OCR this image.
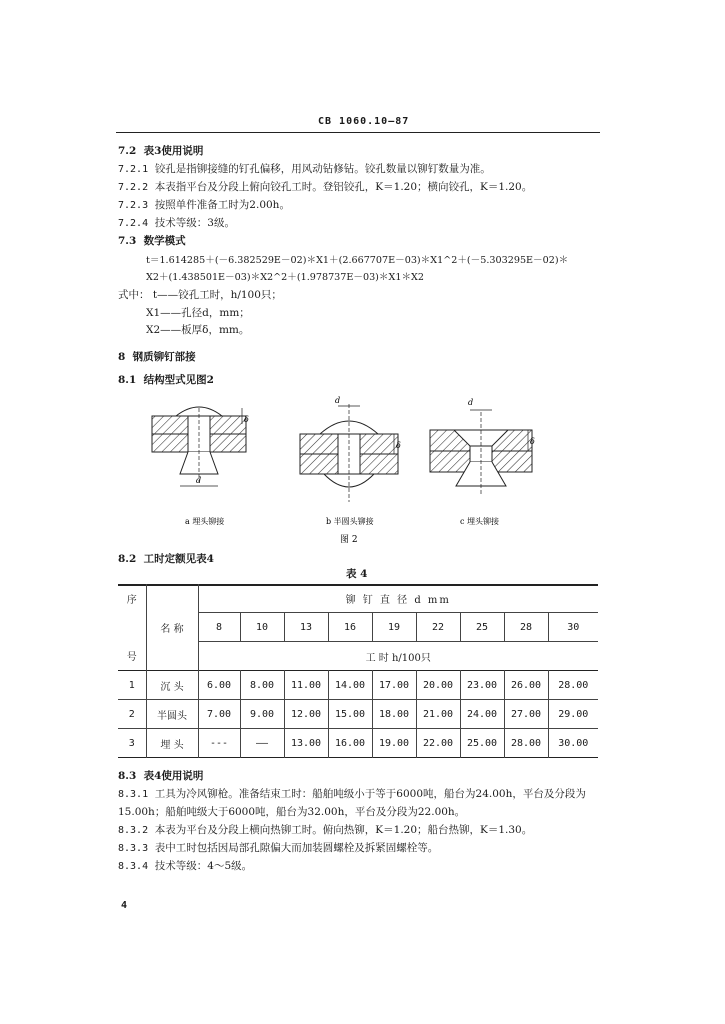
CB 1060.10—87
7.2 表3使用说明
7.2.1 铰孔是指铆接缝的钉孔偏移，用风动钻修钻。铰孔数量以铆钉数量为准。
7.2.2 本表指平台及分段上俯向铰孔工时。登铝铰孔，K＝1.20；横向铰孔，K＝1.20。
7.2.3 按照单件准备工时为2.00h。
7.2.4 技术等级：3级。
7.3 数学模式
t＝1.614285＋(－6.382529E－02)＊X1＋(2.667707E－03)＊X1^2＋(－5.303295E－02)＊
X2＋(1.438501E－03)＊X2^2＋(1.978737E－03)＊X1＊X2
式中： t——铰孔工时，h/100只；
X1——孔径d，mm；
X2——板厚δ，mm。
8 钢质铆钉部接
8.1 结构型式见图2
d
δ
d
δ
d
δ
a 埋头铆接	b 半圆头铆接	c 埋头铆接
图 2
8.2 工时定额见表4
表 4
序		铆 钉 直 径 d mm								
	名 称	8	10	13	16	19	22	25	28	30
号		工 时 h/100只								
1	沉 头	6.00	8.00	11.00	14.00	17.00	20.00	23.00	26.00	28.00
2	半圆头	7.00	9.00	12.00	15.00	18.00	21.00	24.00	27.00	29.00
3	埋 头	---	——	13.00	16.00	19.00	22.00	25.00	28.00	30.00
8.3 表4使用说明
8.3.1 工具为冷风铆枪。准备结束工时：船舶吨级小于等于6000吨，船台为24.00h，平台及分段为
15.00h；船舶吨级大于6000吨，船台为32.00h，平台及分段为22.00h。
8.3.2 本表为平台及分段上横向热铆工时。俯向热铆，K＝1.20；船台热铆，K＝1.30。
8.3.3 表中工时包括因局部孔隙偏大而加装圆螺栓及拆紧固螺栓等。
8.3.4 技术等级：4～5级。
4
